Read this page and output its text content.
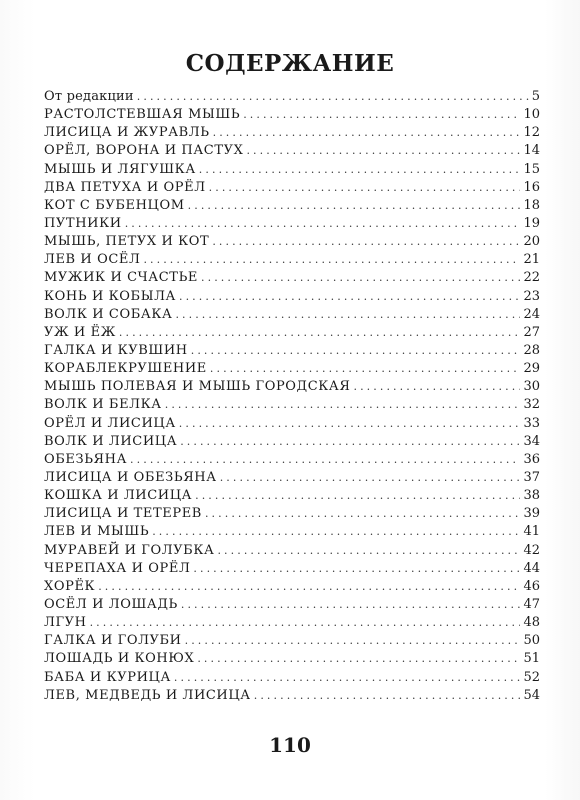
СОДЕРЖАНИЕ
От редакции . . .	5
РАСТОЛСТЕВШАЯ МЫШЬ . . .	10
ЛИСИЦА И ЖУРАВЛЬ . . .	12
ОРЁЛ, ВОРОНА И ПАСТУХ . . .	14
МЫШЬ И ЛЯГУШКА . . .	15
ДВА ПЕТУХА И ОРЁЛ . . .	16
КОТ С БУБЕНЦОМ . . .	18
ПУТНИКИ . . .	19
МЫШЬ, ПЕТУХ И КОТ . . .	20
ЛЕВ И ОСЁЛ . . .	21
МУЖИК И СЧАСТЬЕ . . .	22
КОНЬ И КОБЫЛА . . .	23
ВОЛК И СОБАКА . . .	24
УЖ И ЁЖ . . .	27
ГАЛКА И КУВШИН . . .	28
КОРАБЛЕКРУШЕНИЕ . . .	29
МЫШЬ ПОЛЕВАЯ И МЫШЬ ГОРОДСКАЯ . . .	30
ВОЛК И БЕЛКА . . .	32
ОРЁЛ И ЛИСИЦА . . .	33
ВОЛК И ЛИСИЦА . . .	34
ОБЕЗЬЯНА . . .	36
ЛИСИЦА И ОБЕЗЬЯНА . . .	37
КОШКА И ЛИСИЦА . . .	38
ЛИСИЦА И ТЕТЕРЕВ . . .	39
ЛЕВ И МЫШЬ . . .	41
МУРАВЕЙ И ГОЛУБКА . . .	42
ЧЕРЕПАХА И ОРЁЛ . . .	44
ХОРЁК . . .	46
ОСЁЛ И ЛОШАДЬ . . .	47
ЛГУН . . .	48
ГАЛКА И ГОЛУБИ . . .	50
ЛОШАДЬ И КОНЮХ . . .	51
БАБА И КУРИЦА . . .	52
ЛЕВ, МЕДВЕДЬ И ЛИСИЦА . . .	54
110
